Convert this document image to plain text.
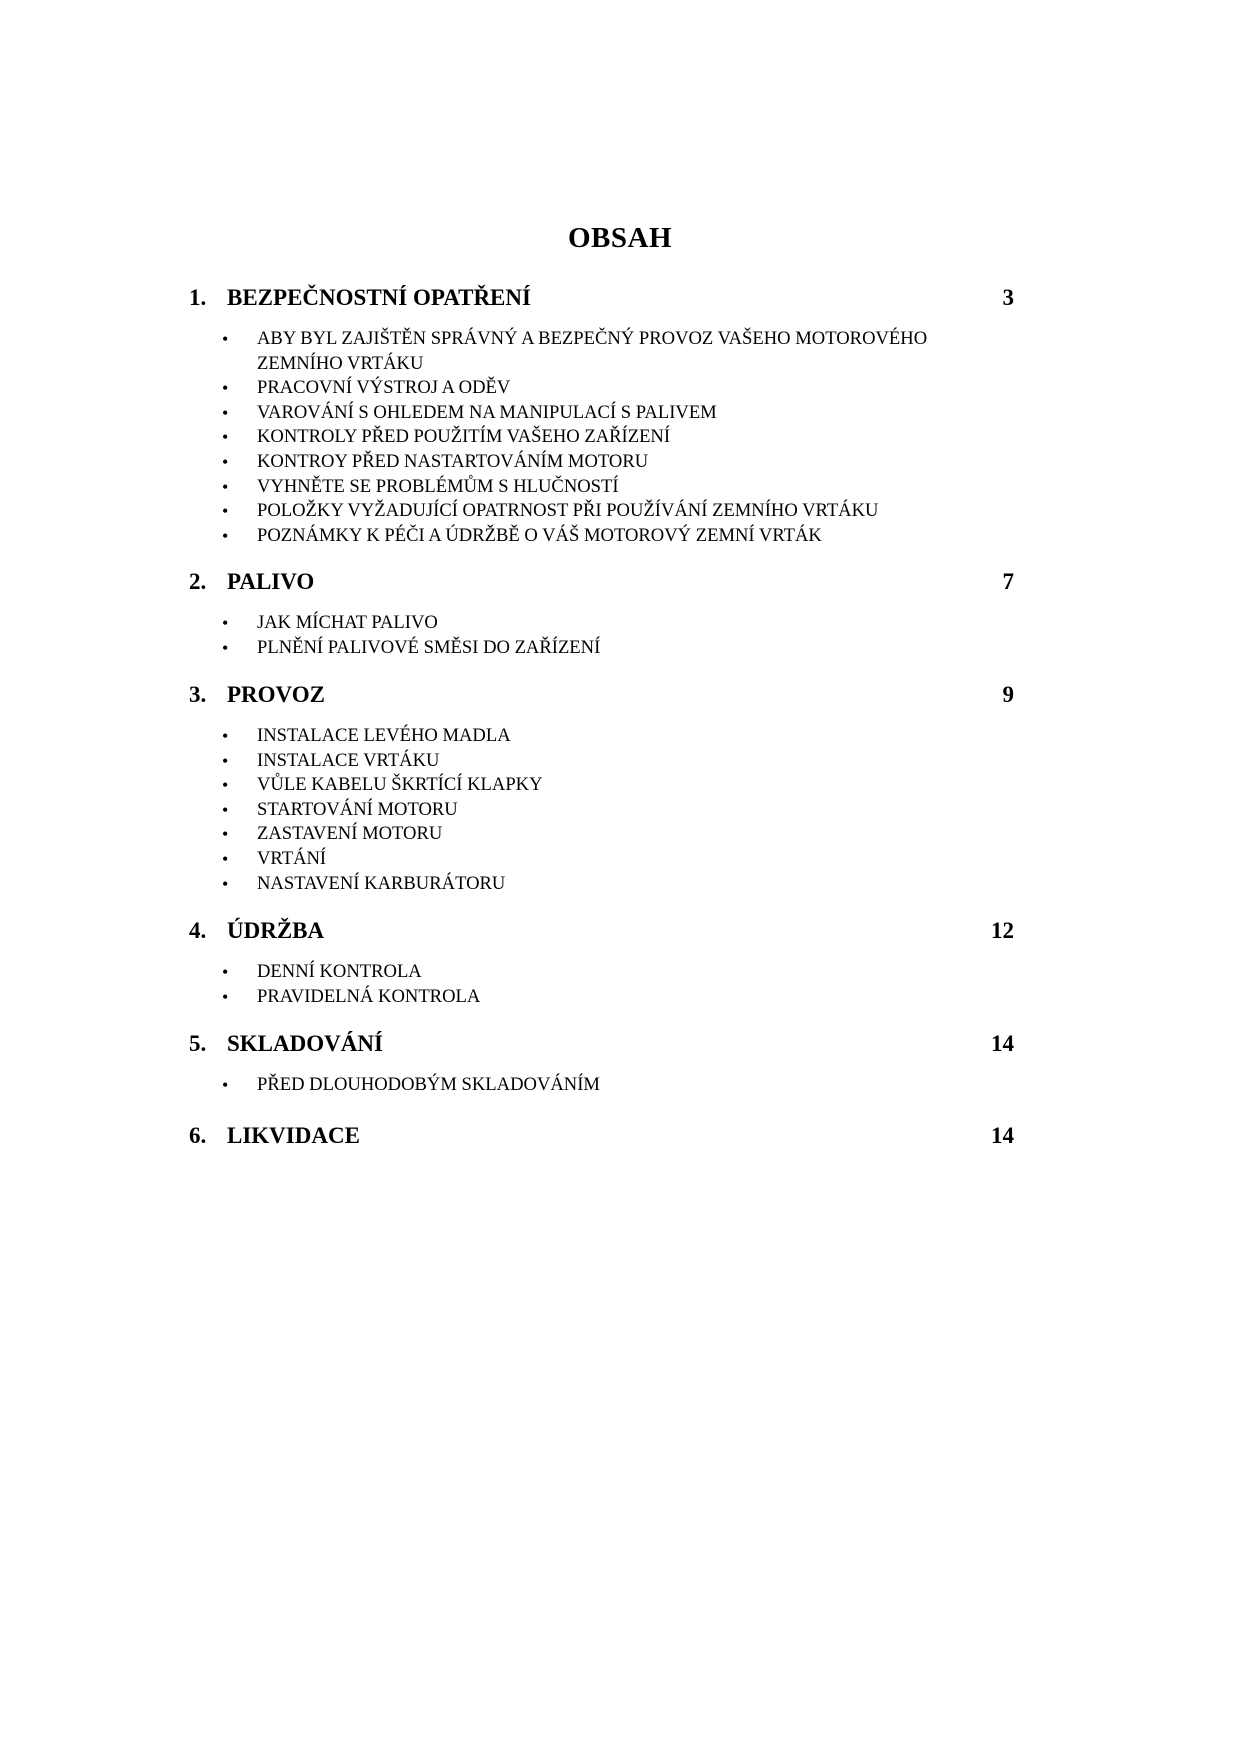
OBSAH
1. BEZPEČNOSTNÍ OPATŘENÍ	3
• ABY BYL ZAJIŠTĚN SPRÁVNÝ A BEZPEČNÝ PROVOZ VAŠEHO MOTOROVÉHO ZEMNÍHO VRTÁKU
• PRACOVNÍ VÝSTROJ A ODĚV
• VAROVÁNÍ S OHLEDEM NA MANIPULACÍ S PALIVEM
• KONTROLY PŘED POUŽITÍM VAŠEHO ZAŘÍZENÍ
• KONTROY PŘED NASTARTOVÁNÍM MOTORU
• VYHNĚTE SE PROBLÉMŮM S HLUČNOSTÍ
• POLOŽKY VYŽADUJÍCÍ OPATRNOST PŘI POUŽÍVÁNÍ ZEMNÍHO VRTÁKU
• POZNÁMKY K PÉČI A ÚDRŽBĚ O VÁŠ MOTOROVÝ ZEMNÍ VRTÁK
2. PALIVO	7
• JAK MÍCHAT PALIVO
• PLNĚNÍ PALIVOVÉ SMĚSI DO ZAŘÍZENÍ
3. PROVOZ	9
• INSTALACE LEVÉHO MADLA
• INSTALACE VRTÁKU
• VŮLE KABELU ŠKRTÍCÍ KLAPKY
• STARTOVÁNÍ MOTORU
• ZASTAVENÍ MOTORU
• VRTÁNÍ
• NASTAVENÍ KARBURÁTORU
4. ÚDRŽBA	12
• DENNÍ KONTROLA
• PRAVIDELNÁ KONTROLA
5. SKLADOVÁNÍ	14
• PŘED DLOUHODOBÝM SKLADOVÁNÍM
6. LIKVIDACE	14
